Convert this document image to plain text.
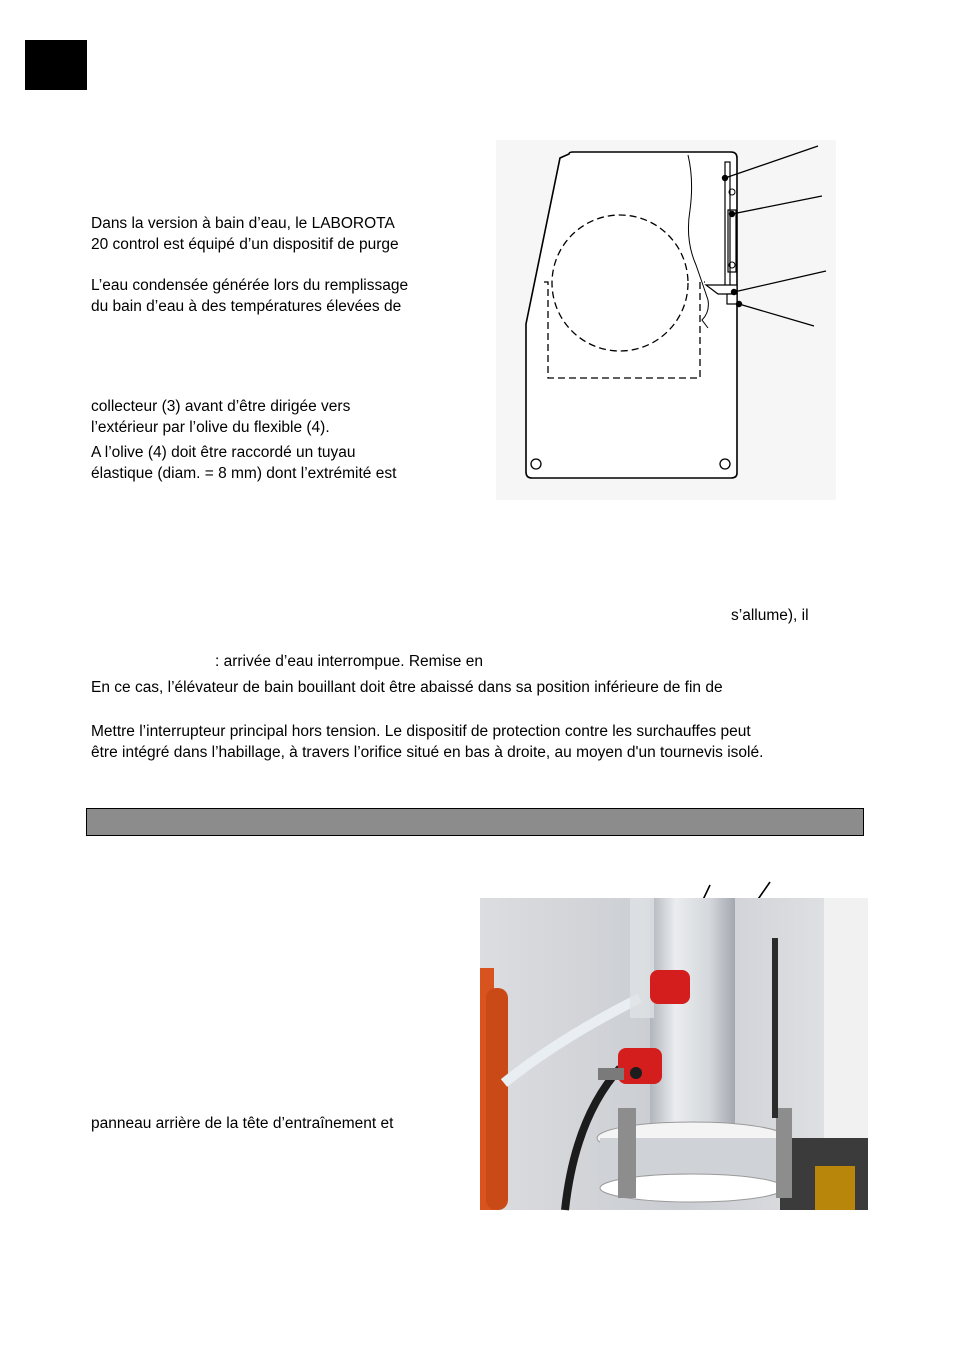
Dans la version à bain d’eau, le LABOROTA
20 control est équipé d’un dispositif de purge
L’eau condensée générée lors du remplissage
du bain d’eau à des températures élevées de
collecteur (3) avant d’être dirigée vers
l’extérieur par l’olive du flexible (4).
A l’olive (4) doit être raccordé un tuyau
élastique (diam. = 8 mm) dont l’extrémité est
s’allume), il
: arrivée d’eau interrompue. Remise en
En ce cas, l’élévateur de bain bouillant doit être abaissé dans sa position inférieure de fin de
Mettre l’interrupteur principal hors tension. Le dispositif de protection contre les surchauffes peut
être intégré dans l’habillage, à travers l’orifice situé en bas à droite, au moyen d'un tournevis isolé.
panneau arrière de la tête d’entraînement et
